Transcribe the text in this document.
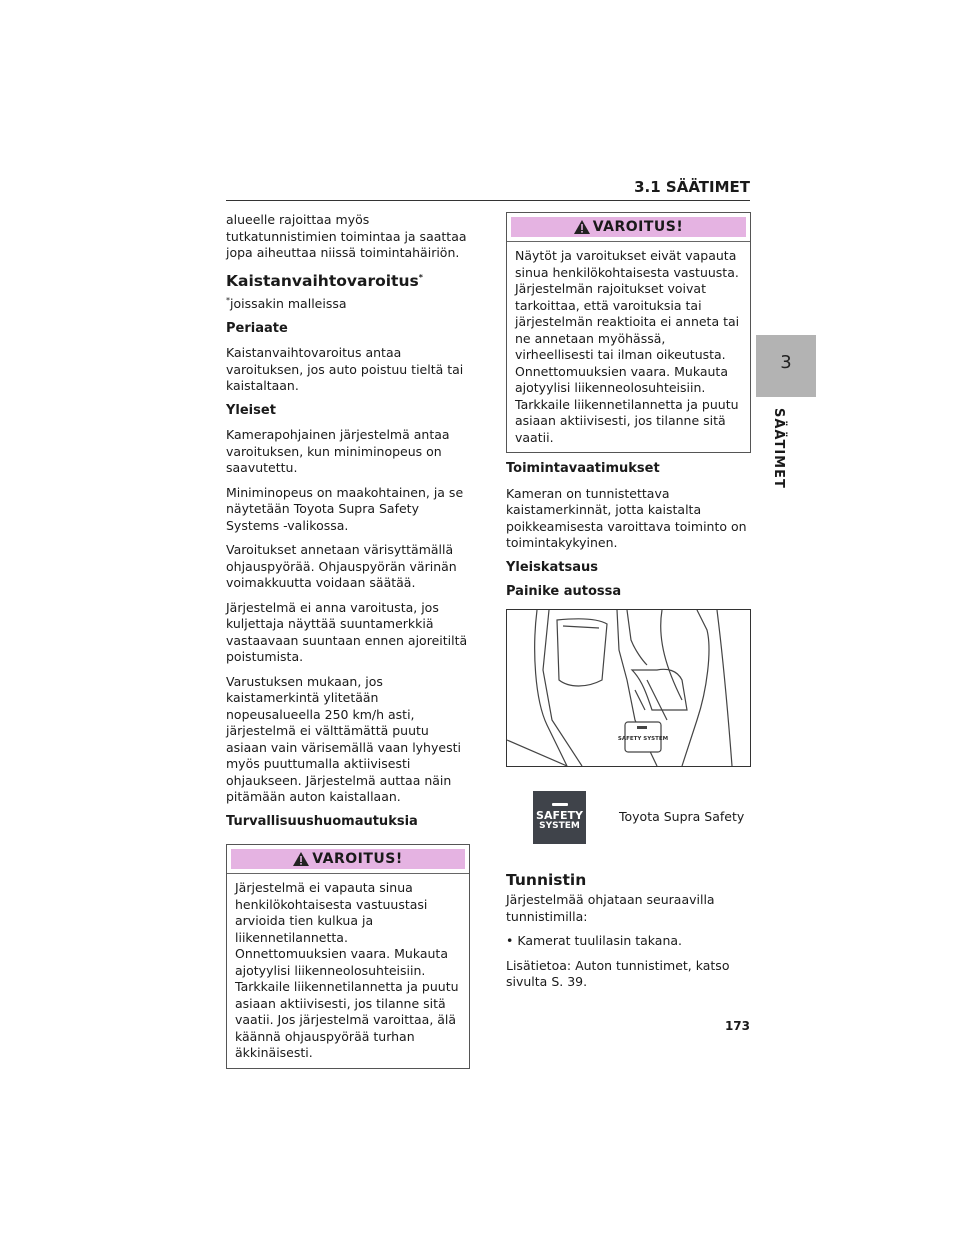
3.1 SÄÄTIMET
3
SÄÄTIMET

alueelle rajoittaa myös tutkatunnistimien toimintaa ja saattaa jopa aiheuttaa niissä toimintahäiriön.

Kaistanvaihtovaroitus*
*joissakin malleissa
Periaate

Kaistanvaihtovaroitus antaa varoituksen, jos auto poistuu tieltä tai kaistaltaan.

Yleiset

Kamerapohjainen järjestelmä antaa varoituksen, kun miniminopeus on saavutettu.

Miniminopeus on maakohtainen, ja se näytetään Toyota Supra Safety Systems -valikossa.

Varoitukset annetaan värisyttämällä ohjauspyörää. Ohjauspyörän värinän voimakkuutta voidaan säätää.

Järjestelmä ei anna varoitusta, jos kuljettaja näyttää suuntamerkkiä vastaavaan suuntaan ennen ajoreitiltä poistumista.

Varustuksen mukaan, jos kaistamerkintä ylitetään nopeusalueella 250 km/h asti, järjestelmä ei välttämättä puutu asiaan vain värisemällä vaan lyhyesti myös puuttumalla aktiivisesti ohjaukseen. Järjestelmä auttaa näin pitämään auton kaistallaan.

Turvallisuushuomautuksia
VAROITUS!
Järjestelmä ei vapauta sinua henkilökohtaisesta vastuustasi arvioida tien kulkua ja liikennetilannetta. Onnettomuuksien vaara. Mukauta ajotyylisi liikenneolosuhteisiin. Tarkkaile liikennetilannetta ja puutu asiaan aktiivisesti, jos tilanne sitä vaatii. Jos järjestelmä varoittaa, älä käännä ohjauspyörää turhan äkkinäisesti.
VAROITUS!
Näytöt ja varoitukset eivät vapauta sinua henkilökohtaisesta vastuusta. Järjestelmän rajoitukset voivat tarkoittaa, että varoituksia tai järjestelmän reaktioita ei anneta tai ne annetaan myöhässä, virheellisesti tai ilman oikeutusta. Onnettomuuksien vaara. Mukauta ajotyylisi liikenneolosuhteisiin. Tarkkaile liikennetilannetta ja puutu asiaan aktiivisesti, jos tilanne sitä vaatii.
Toimintavaatimukset

Kameran on tunnistettava kaistamerkinnät, jotta kaistalta poikkeamisesta varoittava toiminto on toimintakykyinen.

Yleiskatsaus
Painike autossa
SAFETY SYSTEM
SAFETY
SYSTEM
Toyota Supra Safety
Tunnistin

Järjestelmää ohjataan seuraavilla tunnistimilla:

• Kamerat tuulilasin takana.

Lisätietoa: Auton tunnistimet, katso sivulta S. 39.

173
